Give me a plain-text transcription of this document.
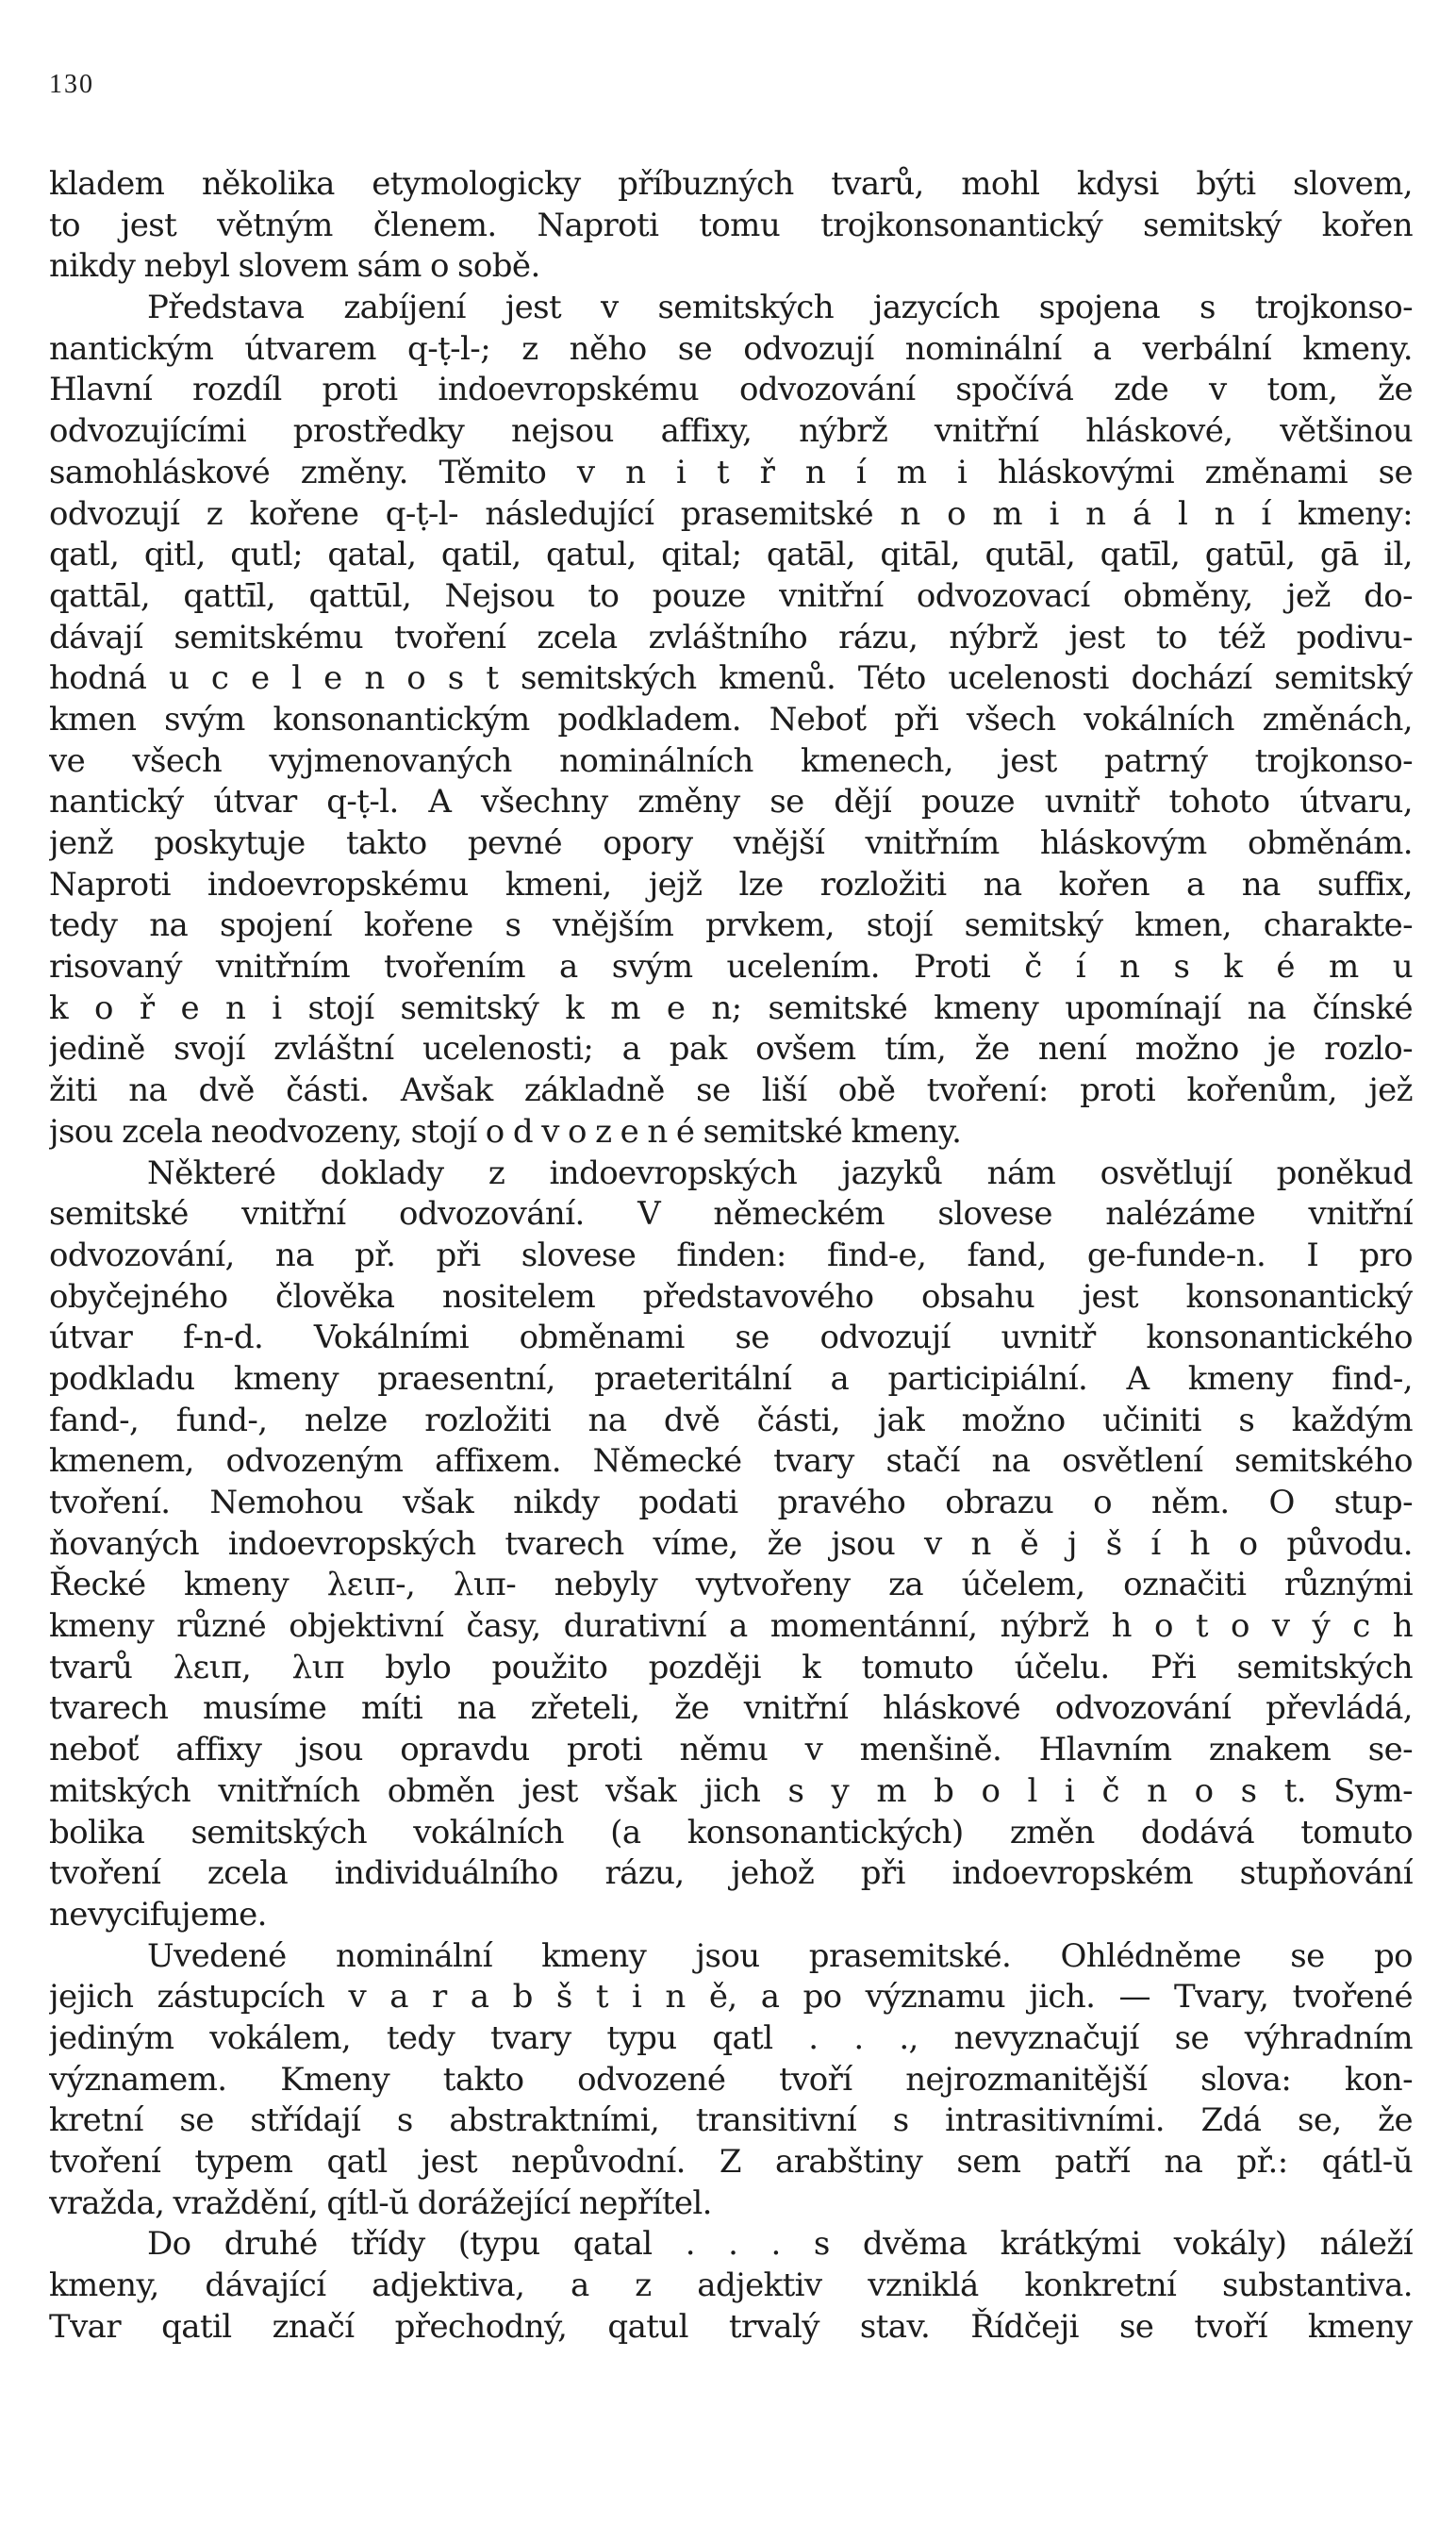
130
kladem několika etymologicky příbuzných tvarů, mohl kdysi býti slovem,
to jest větným členem. Naproti tomu trojkonsonantický semitský kořen
nikdy nebyl slovem sám o sobě.
Představa zabíjení jest v semitských jazycích spojena s trojkonso-
nantickým útvarem q-ṭ-l-; z něho se odvozují nominální a verbální kmeny.
Hlavní rozdíl proti indoevropskému odvozování spočívá zde v tom, že
odvozujícími prostředky nejsou affixy, nýbrž vnitřní hláskové, většinou
samohláskové změny. Těmito v n i t ř n í m i hláskovými změnami se
odvozují z kořene q-ṭ-l- následující prasemitské n o m i n á l n í kmeny:
qatl, qitl, qutl; qatal, qatil, qatul, qital; qatāl, qitāl, qutāl, qatīl, gatūl, gā il,
qattāl, qattīl, qattūl, Nejsou to pouze vnitřní odvozovací obměny, jež do-
dávají semitskému tvoření zcela zvláštního rázu, nýbrž jest to též podivu-
hodná u c e l e n o s t semitských kmenů. Této ucelenosti dochází semitský
kmen svým konsonantickým podkladem. Neboť při všech vokálních změnách,
ve všech vyjmenovaných nominálních kmenech, jest patrný trojkonso-
nantický útvar q-ṭ-l. A všechny změny se dějí pouze uvnitř tohoto útvaru,
jenž poskytuje takto pevné opory vnější vnitřním hláskovým obměnám.
Naproti indoevropskému kmeni, jejž lze rozložiti na kořen a na suffix,
tedy na spojení kořene s vnějším prvkem, stojí semitský kmen, charakte-
risovaný vnitřním tvořením a svým ucelením. Proti č í n s k é m u
k o ř e n i stojí semitský k m e n; semitské kmeny upomínají na čínské
jedině svojí zvláštní ucelenosti; a pak ovšem tím, že není možno je rozlo-
žiti na dvě části. Avšak základně se liší obě tvoření: proti kořenům, jež
jsou zcela neodvozeny, stojí o d v o z e n é semitské kmeny.
Některé doklady z indoevropských jazyků nám osvětlují poněkud
semitské vnitřní odvozování. V německém slovese nalézáme vnitřní
odvozování, na př. při slovese finden: find-e, fand, ge-funde-n. I pro
obyčejného člověka nositelem představového obsahu jest konsonantický
útvar f-n-d. Vokálními obměnami se odvozují uvnitř konsonantického
podkladu kmeny praesentní, praeteritální a participiální. A kmeny find-,
fand-, fund-, nelze rozložiti na dvě části, jak možno učiniti s každým
kmenem, odvozeným affixem. Německé tvary stačí na osvětlení semitského
tvoření. Nemohou však nikdy podati pravého obrazu o něm. O stup-
ňovaných indoevropských tvarech víme, že jsou v n ě j š í h o původu.
Řecké kmeny λειπ-, λιπ- nebyly vytvořeny za účelem, označiti různými
kmeny různé objektivní časy, durativní a momentánní, nýbrž h o t o v ý c h
tvarů λειπ, λιπ bylo použito později k tomuto účelu. Při semitských
tvarech musíme míti na zřeteli, že vnitřní hláskové odvozování převládá,
neboť affixy jsou opravdu proti němu v menšině. Hlavním znakem se-
mitských vnitřních obměn jest však jich s y m b o l i č n o s t. Sym-
bolika semitských vokálních (a konsonantických) změn dodává tomuto
tvoření zcela individuálního rázu, jehož při indoevropském stupňování
nevycifujeme.
Uvedené nominální kmeny jsou prasemitské. Ohlédněme se po
jejich zástupcích v a r a b š t i n ě, a po významu jich. — Tvary, tvořené
jediným vokálem, tedy tvary typu qatl . . ., nevyznačují se výhradním
významem. Kmeny takto odvozené tvoří nejrozmanitější slova: kon-
kretní se střídají s abstraktními, transitivní s intrasitivními. Zdá se, že
tvoření typem qatl jest nepůvodní. Z arabštiny sem patří na př.: qátl-ŭ
vražda, vraždění, qítl-ŭ dorážející nepřítel.
Do druhé třídy (typu qatal . . . s dvěma krátkými vokály) náleží
kmeny, dávající adjektiva, a z adjektiv vzniklá konkretní substantiva.
Tvar qatil značí přechodný, qatul trvalý stav. Řídčeji se tvoří kmeny
